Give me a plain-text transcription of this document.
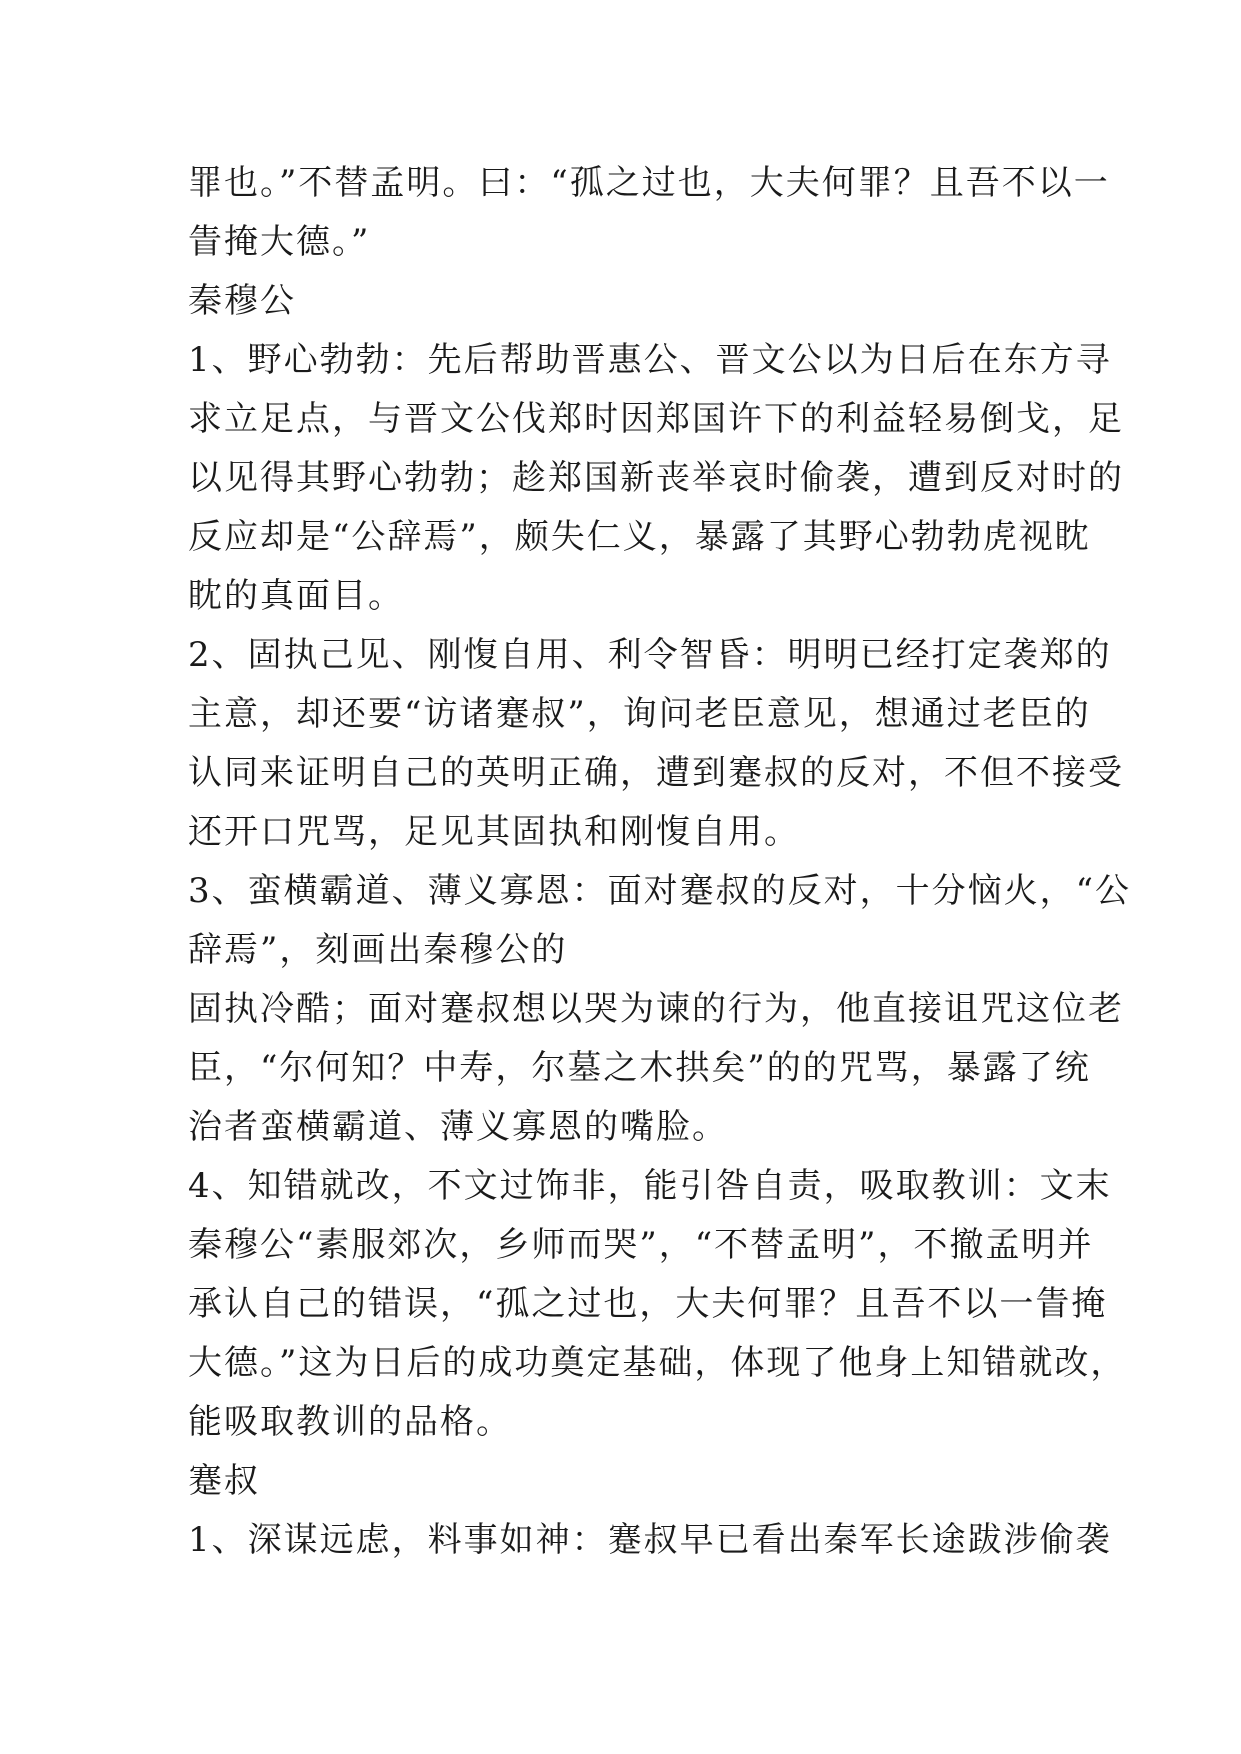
罪也。”不替孟明。曰：“孤之过也，大夫何罪？且吾不以一
眚掩大德。”
秦穆公
1、野心勃勃：先后帮助晋惠公、晋文公以为日后在东方寻
求立足点，与晋文公伐郑时因郑国许下的利益轻易倒戈，足
以见得其野心勃勃；趁郑国新丧举哀时偷袭，遭到反对时的
反应却是“公辞焉”，颇失仁义，暴露了其野心勃勃虎视眈
眈的真面目。
2、固执己见、刚愎自用、利令智昏：明明已经打定袭郑的
主意，却还要“访诸蹇叔”，询问老臣意见，想通过老臣的
认同来证明自己的英明正确，遭到蹇叔的反对，不但不接受
还开口咒骂，足见其固执和刚愎自用。
3、蛮横霸道、薄义寡恩：面对蹇叔的反对，十分恼火，“公
辞焉”，刻画出秦穆公的
固执冷酷；面对蹇叔想以哭为谏的行为，他直接诅咒这位老
臣，“尔何知？中寿，尔墓之木拱矣”的的咒骂，暴露了统
治者蛮横霸道、薄义寡恩的嘴脸。
4、知错就改，不文过饰非，能引咎自责，吸取教训：文末
秦穆公“素服郊次，乡师而哭”，“不替孟明”，不撤孟明并
承认自己的错误，“孤之过也，大夫何罪？且吾不以一眚掩
大德。”这为日后的成功奠定基础，体现了他身上知错就改，
能吸取教训的品格。
蹇叔
1、深谋远虑，料事如神：蹇叔早已看出秦军长途跋涉偷袭
